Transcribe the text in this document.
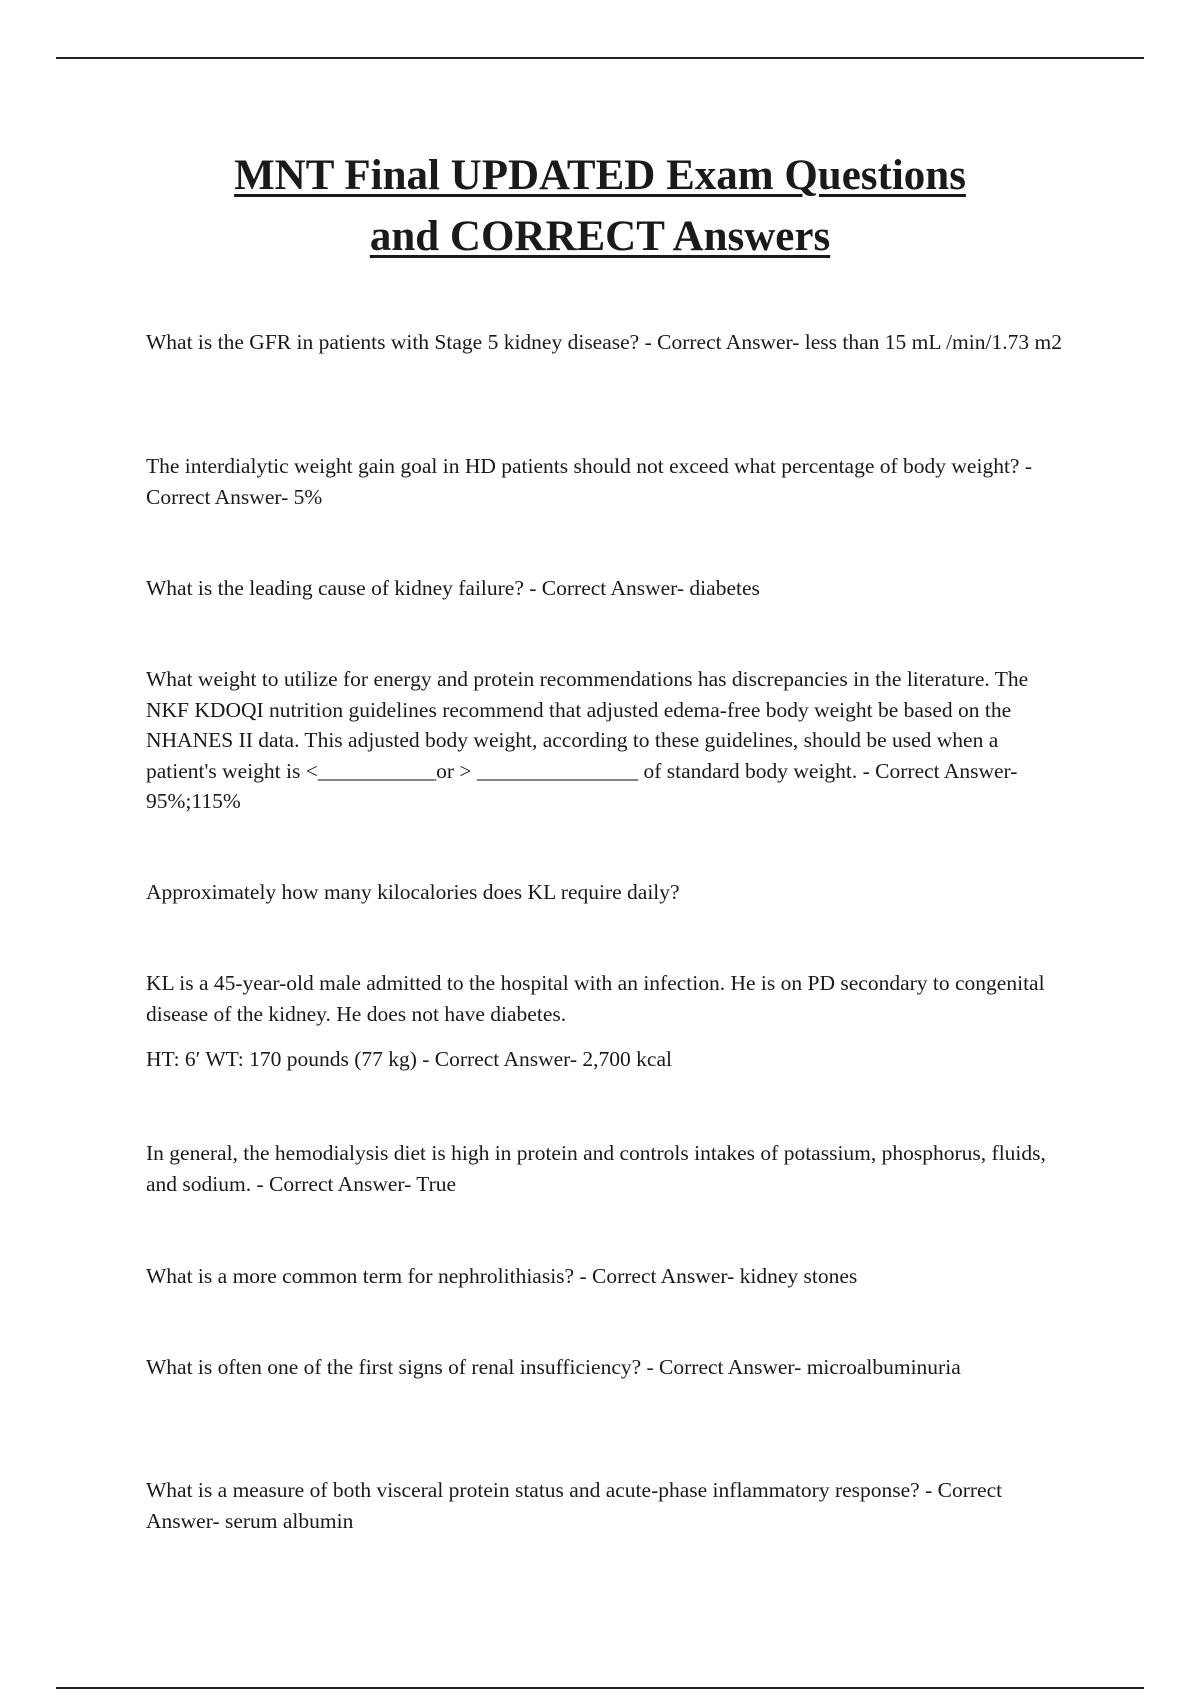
MNT Final UPDATED Exam Questions
and CORRECT Answers

What is the GFR in patients with Stage 5 kidney disease? - Correct Answer- less than 15 mL /min/1.73 m2

The interdialytic weight gain goal in HD patients should not exceed what percentage of body weight? - Correct Answer- 5%

What is the leading cause of kidney failure? - Correct Answer- diabetes

What weight to utilize for energy and protein recommendations has discrepancies in the literature. The NKF KDOQI nutrition guidelines recommend that adjusted edema-free body weight be based on the NHANES II data. This adjusted body weight, according to these guidelines, should be used when a patient's weight is <___________or > _______________ of standard body weight. - Correct Answer- 95%;115%

Approximately how many kilocalories does KL require daily?

KL is a 45-year-old male admitted to the hospital with an infection. He is on PD secondary to congenital disease of the kidney. He does not have diabetes.

HT: 6′ WT: 170 pounds (77 kg) - Correct Answer- 2,700 kcal

In general, the hemodialysis diet is high in protein and controls intakes of potassium, phosphorus, fluids, and sodium. - Correct Answer- True

What is a more common term for nephrolithiasis? - Correct Answer- kidney stones

What is often one of the first signs of renal insufficiency? - Correct Answer- microalbuminuria

What is a measure of both visceral protein status and acute-phase inflammatory response? - Correct Answer- serum albumin
